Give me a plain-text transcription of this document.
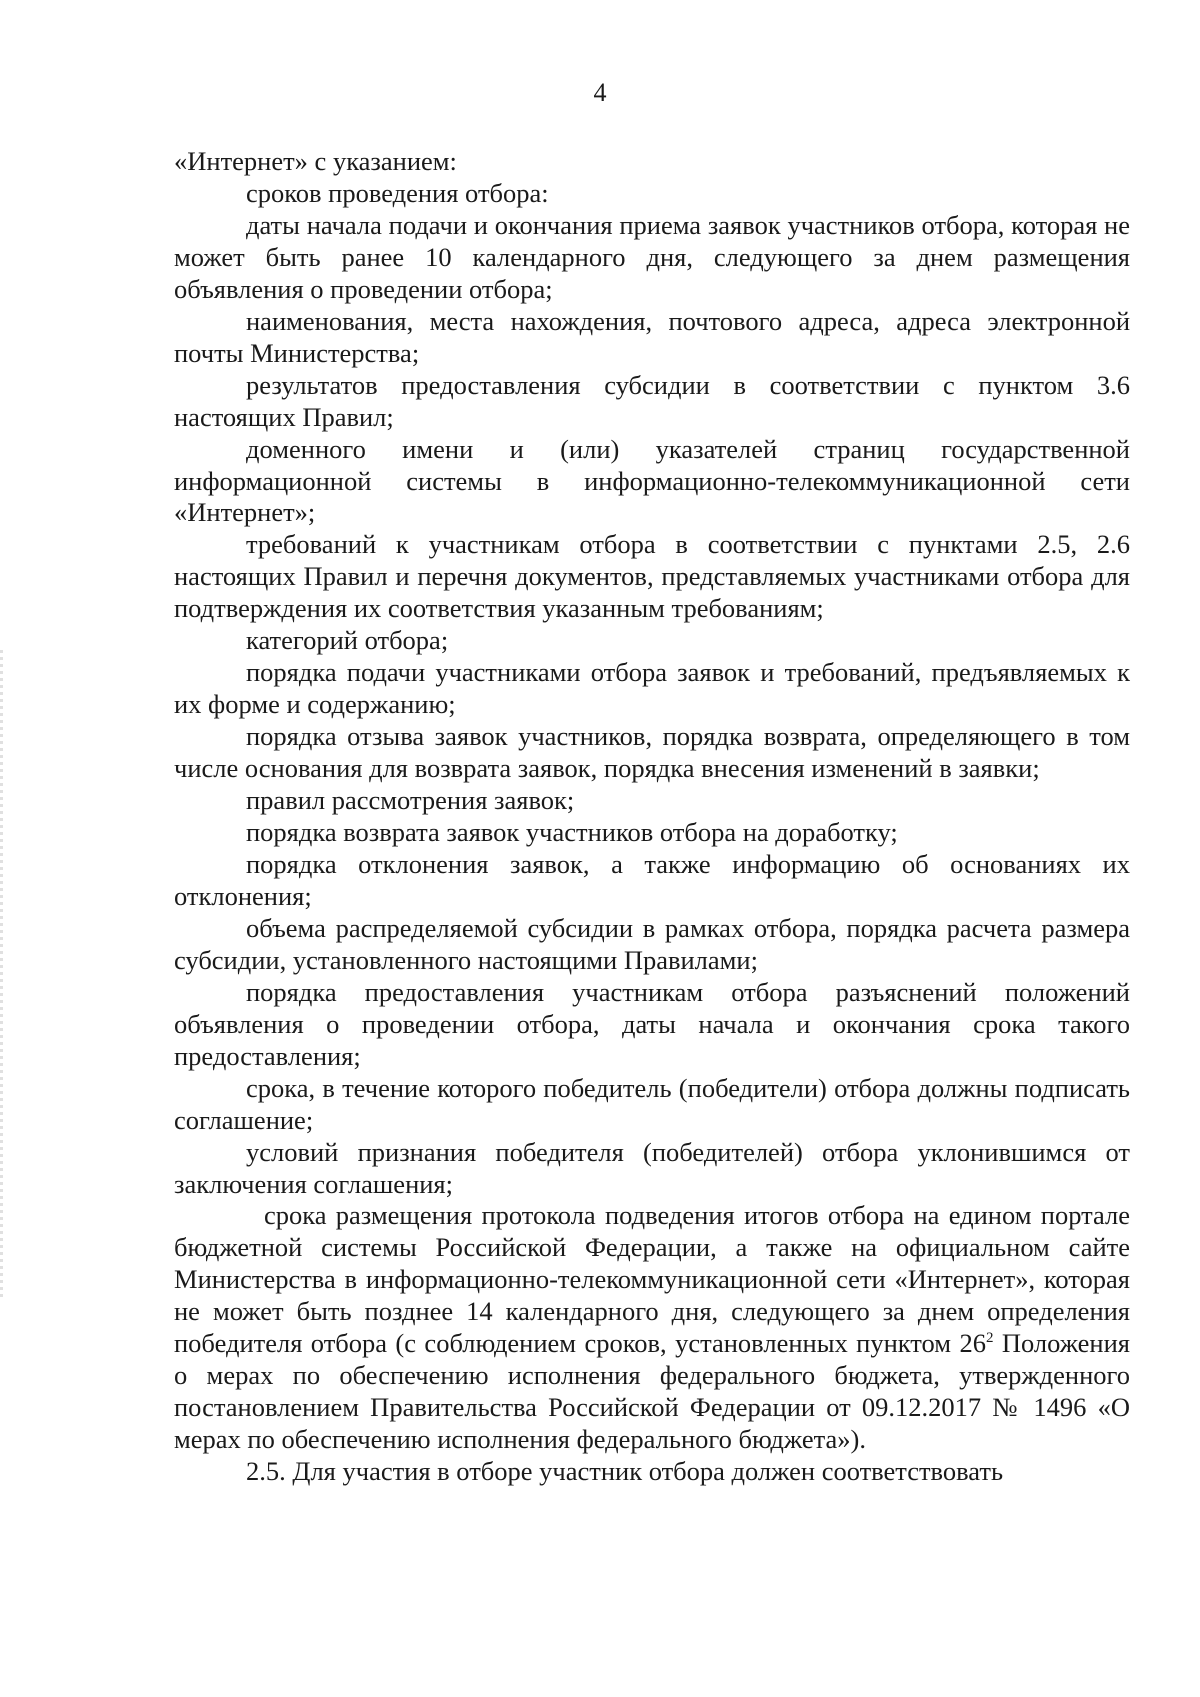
4

«Интернет» с указанием:

сроков проведения отбора:

даты начала подачи и окончания приема заявок участников отбора, которая не может быть ранее 10 календарного дня, следующего за днем размещения объявления о проведении отбора;

наименования, места нахождения, почтового адреса, адреса электронной почты Министерства;

результатов предоставления субсидии в соответствии с пунктом 3.6 настоящих Правил;

доменного имени и (или) указателей страниц государственной информационной системы в информационно-телекоммуникационной сети «Интернет»;

требований к участникам отбора в соответствии с пунктами 2.5, 2.6 настоящих Правил и перечня документов, представляемых участниками отбора для подтверждения их соответствия указанным требованиям;

категорий отбора;

порядка подачи участниками отбора заявок и требований, предъявляемых к их форме и содержанию;

порядка отзыва заявок участников, порядка возврата, определяющего в том числе основания для возврата заявок, порядка внесения изменений в заявки;

правил рассмотрения заявок;

порядка возврата заявок участников отбора на доработку;

порядка отклонения заявок, а также информацию об основаниях их отклонения;

объема распределяемой субсидии в рамках отбора, порядка расчета размера субсидии, установленного настоящими Правилами;

порядка предоставления участникам отбора разъяснений положений объявления о проведении отбора, даты начала и окончания срока такого предоставления;

срока, в течение которого победитель (победители) отбора должны подписать соглашение;

условий признания победителя (победителей) отбора уклонившимся от заключения соглашения;

срока размещения протокола подведения итогов отбора на едином портале бюджетной системы Российской Федерации, а также на официальном сайте Министерства в информационно-телекоммуникационной сети «Интернет», которая не может быть позднее 14 календарного дня, следующего за днем определения победителя отбора (с соблюдением сроков, установленных пунктом $26^2$ Положения о мерах по обеспечению исполнения федерального бюджета, утвержденного постановлением Правительства Российской Федерации от 09.12.2017 № 1496 «О мерах по обеспечению исполнения федерального бюджета»).

2.5. Для участия в отборе участник отбора должен соответствовать
